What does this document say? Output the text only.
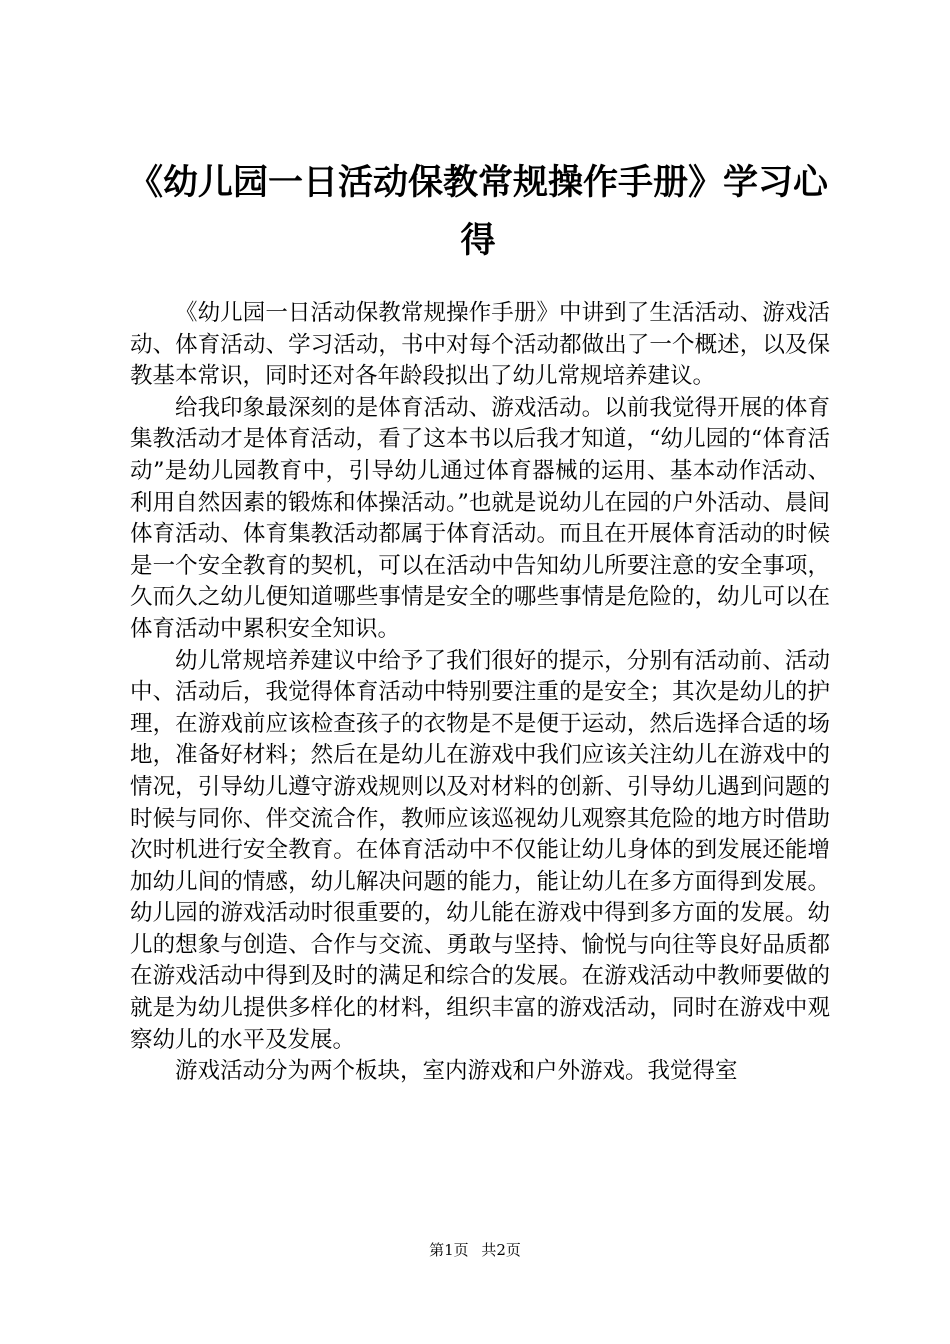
《幼儿园一日活动保教常规操作手册》学习心得

《幼儿园一日活动保教常规操作手册》中讲到了生活活动、游戏活动、体育活动、学习活动，书中对每个活动都做出了一个概述，以及保教基本常识，同时还对各年龄段拟出了幼儿常规培养建议。

给我印象最深刻的是体育活动、游戏活动。以前我觉得开展的体育集教活动才是体育活动，看了这本书以后我才知道，“幼儿园的“体育活动”是幼儿园教育中，引导幼儿通过体育器械的运用、基本动作活动、利用自然因素的锻炼和体操活动。”也就是说幼儿在园的户外活动、晨间体育活动、体育集教活动都属于体育活动。而且在开展体育活动的时候是一个安全教育的契机，可以在活动中告知幼儿所要注意的安全事项，久而久之幼儿便知道哪些事情是安全的哪些事情是危险的，幼儿可以在体育活动中累积安全知识。

幼儿常规培养建议中给予了我们很好的提示，分别有活动前、活动中、活动后，我觉得体育活动中特别要注重的是安全；其次是幼儿的护理，在游戏前应该检查孩子的衣物是不是便于运动，然后选择合适的场地，准备好材料；然后在是幼儿在游戏中我们应该关注幼儿在游戏中的情况，引导幼儿遵守游戏规则以及对材料的创新、引导幼儿遇到问题的时候与同你、伴交流合作，教师应该巡视幼儿观察其危险的地方时借助次时机进行安全教育。在体育活动中不仅能让幼儿身体的到发展还能增加幼儿间的情感，幼儿解决问题的能力，能让幼儿在多方面得到发展。幼儿园的游戏活动时很重要的，幼儿能在游戏中得到多方面的发展。幼儿的想象与创造、合作与交流、勇敢与坚持、愉悦与向往等良好品质都在游戏活动中得到及时的满足和综合的发展。在游戏活动中教师要做的就是为幼儿提供多样化的材料，组织丰富的游戏活动，同时在游戏中观察幼儿的水平及发展。

游戏活动分为两个板块，室内游戏和户外游戏。我觉得室

第1页 共2页
